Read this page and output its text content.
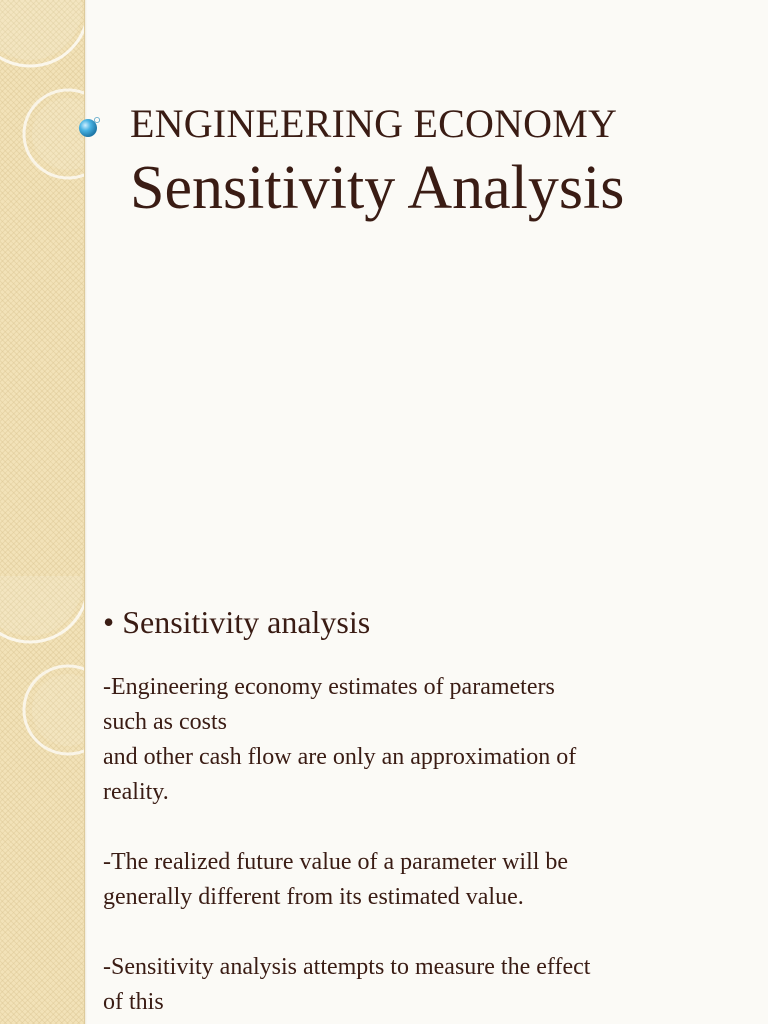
ENGINEERING ECONOMY
Sensitivity Analysis
• Sensitivity analysis

-Engineering economy estimates of parameters
such as costs
and other cash flow are only an approximation of
reality.

-The realized future value of a parameter will be
generally different from its estimated value.

-Sensitivity analysis attempts to measure the effect
of this
